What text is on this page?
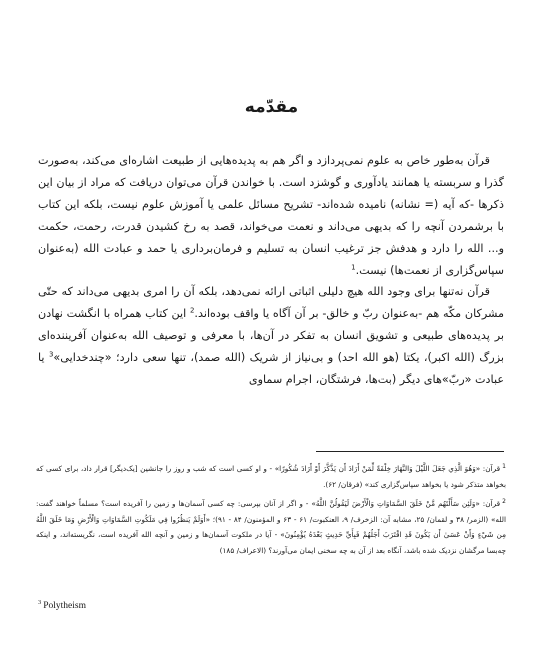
مقدّمه

قرآن به‌طور خاص به علوم نمی‌پردازد و اگر هم به پدیده‌هایی از طبیعت اشاره‌ای می‌کند، به‌صورت گذرا و سربسته یا همانند یادآوری و گوشزد است. با خواندن قرآن می‌توان دریافت که مراد از بیان این ذکرها ‑که آیه (= نشانه) نامیده شده‌اند‑ تشریح مسائل علمی یا آموزش علوم نیست، بلکه این کتاب با برشمردن آنچه را که بدیهی می‌داند و نعمت می‌خواند، قصد به رخ کشیدن قدرت، رحمت، حکمت و... الله را دارد و هدفش جز ترغیب انسان به تسلیم و فرمان‌برداری یا حمد و عبادت الله (به‌عنوان سپاس‌گزاری از نعمت‌ها) نیست.$^1$

قرآن نه‌تنها برای وجود الله هیچ دلیلی اثباتی ارائه نمی‌دهد، بلکه آن را امری بدیهی می‌داند که حتّی مشرکان مکّه هم ‑به‌عنوان ربّ و خالق‑ بر آن آگاه یا واقف بوده‌اند.$^2$ این کتاب همراه با انگشت نهادن بر پدیده‌های طبیعی و تشویق انسان به تفکر در آن‌ها، با معرفی و توصیف الله به‌عنوان آفریننده‌ای بزرگ (الله اکبر)، یکتا (هو الله احد) و بی‌نیاز از شریک (الله صمد)، تنها سعی دارد؛ «چندخدایی»$^3$ یا عبادت «ربّ»های دیگر (بت‌ها، فرشتگان، اجرام سماوی

$^1$قرآن: «وَهُوَ الَّذِي جَعَلَ اللَّيْلَ وَالنَّهَارَ خِلْفَةً لِّمَنْ أَرَادَ أَن يَذَّكَّرَ أَوْ أَرَادَ شُكُورًا» ‑ و او کسی است که شب و روز را جانشین [یک‌دیگر] قرار داد، برای کسی که بخواهد متذکر شود یا بخواهد سپاس‌گزاری کند» (فرقان/ ۶۲).

$^2$قرآن: «وَلَئِن سَأَلْتَهُم مَّنْ خَلَقَ السَّمَاوَاتِ وَالْأَرْضَ لَيَقُولُنَّ اللَّهُ» ‑ و اگر از آنان بپرسی: چه کسی آسمان‌ها و زمین را آفریده است؟ مسلماً خواهند گفت: الله» (الزمر/ ۳۸ و لقمان/ ۲۵، مشابه آن: الزخرف/ ۹، العنکبوت/ ۶۱ ‑ ۶۳ و المؤمنون/ ۸۴ ‑ ۹۱)؛ «أَوَلَمْ يَنظُرُوا فِي مَلَكُوتِ السَّمَاوَاتِ وَالْأَرْضِ وَمَا خَلَقَ اللَّهُ مِن شَيْءٍ وَأَنْ عَسَىٰ أَن يَكُونَ قَدِ اقْتَرَبَ أَجَلُهُمْ فَبِأَيِّ حَدِيثٍ بَعْدَهُ يُؤْمِنُونَ» ‑ آیا در ملکوت آسمان‌ها و زمین و آنچه الله آفریده است، نگریسته‌اند، و اینکه چه‌بسا مرگشان نزدیک شده باشد، آنگاه بعد از آن به چه سخنی ایمان می‌آورند؟ (الاعراف/ ۱۸۵)

$^3$ Polytheism
